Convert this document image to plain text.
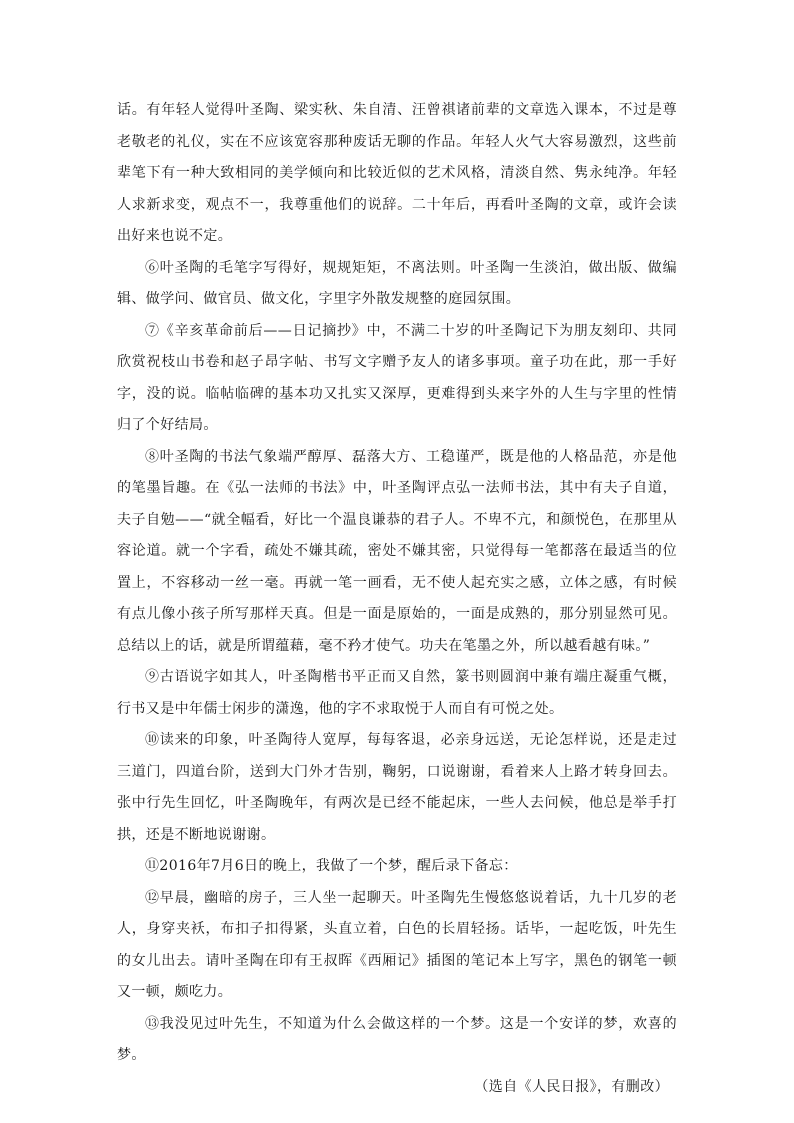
话。有年轻人觉得叶圣陶、梁实秋、朱自清、汪曾祺诸前辈的文章选入课本，不过是尊老敬老的礼仪，实在不应该宽容那种废话无聊的作品。年轻人火气大容易激烈，这些前辈笔下有一种大致相同的美学倾向和比较近似的艺术风格，清淡自然、隽永纯净。年轻人求新求变，观点不一，我尊重他们的说辞。二十年后，再看叶圣陶的文章，或许会读出好来也说不定。

⑥叶圣陶的毛笔字写得好，规规矩矩，不离法则。叶圣陶一生淡泊，做出版、做编辑、做学问、做官员、做文化，字里字外散发规整的庭园氛围。

⑦《辛亥革命前后——日记摘抄》中，不满二十岁的叶圣陶记下为朋友刻印、共同欣赏祝枝山书卷和赵子昂字帖、书写文字赠予友人的诸多事项。童子功在此，那一手好字，没的说。临帖临碑的基本功又扎实又深厚，更难得到头来字外的人生与字里的性情归了个好结局。

⑧叶圣陶的书法气象端严醇厚、磊落大方、工稳谨严，既是他的人格品范，亦是他的笔墨旨趣。在《弘一法师的书法》中，叶圣陶评点弘一法师书法，其中有夫子自道，夫子自勉——“就全幅看，好比一个温良谦恭的君子人。不卑不亢，和颜悦色，在那里从容论道。就一个字看，疏处不嫌其疏，密处不嫌其密，只觉得每一笔都落在最适当的位置上，不容移动一丝一毫。再就一笔一画看，无不使人起充实之感，立体之感，有时候有点儿像小孩子所写那样天真。但是一面是原始的，一面是成熟的，那分别显然可见。总结以上的话，就是所谓蕴藉，毫不矜才使气。功夫在笔墨之外，所以越看越有味。”

⑨古语说字如其人，叶圣陶楷书平正而又自然，篆书则圆润中兼有端庄凝重气概，行书又是中年儒士闲步的潇逸，他的字不求取悦于人而自有可悦之处。

⑩读来的印象，叶圣陶待人宽厚，每每客退，必亲身远送，无论怎样说，还是走过三道门，四道台阶，送到大门外才告别，鞠躬，口说谢谢，看着来人上路才转身回去。张中行先生回忆，叶圣陶晚年，有两次是已经不能起床，一些人去问候，他总是举手打拱，还是不断地说谢谢。

⑪2016年7月6日的晚上，我做了一个梦，醒后录下备忘：

⑫早晨，幽暗的房子，三人坐一起聊天。叶圣陶先生慢悠悠说着话，九十几岁的老人，身穿夹袄，布扣子扣得紧，头直立着，白色的长眉轻扬。话毕，一起吃饭，叶先生的女儿出去。请叶圣陶在印有王叔晖《西厢记》插图的笔记本上写字，黑色的钢笔一顿又一顿，颇吃力。

⑬我没见过叶先生，不知道为什么会做这样的一个梦。这是一个安详的梦，欢喜的梦。

（选自《人民日报》，有删改）
